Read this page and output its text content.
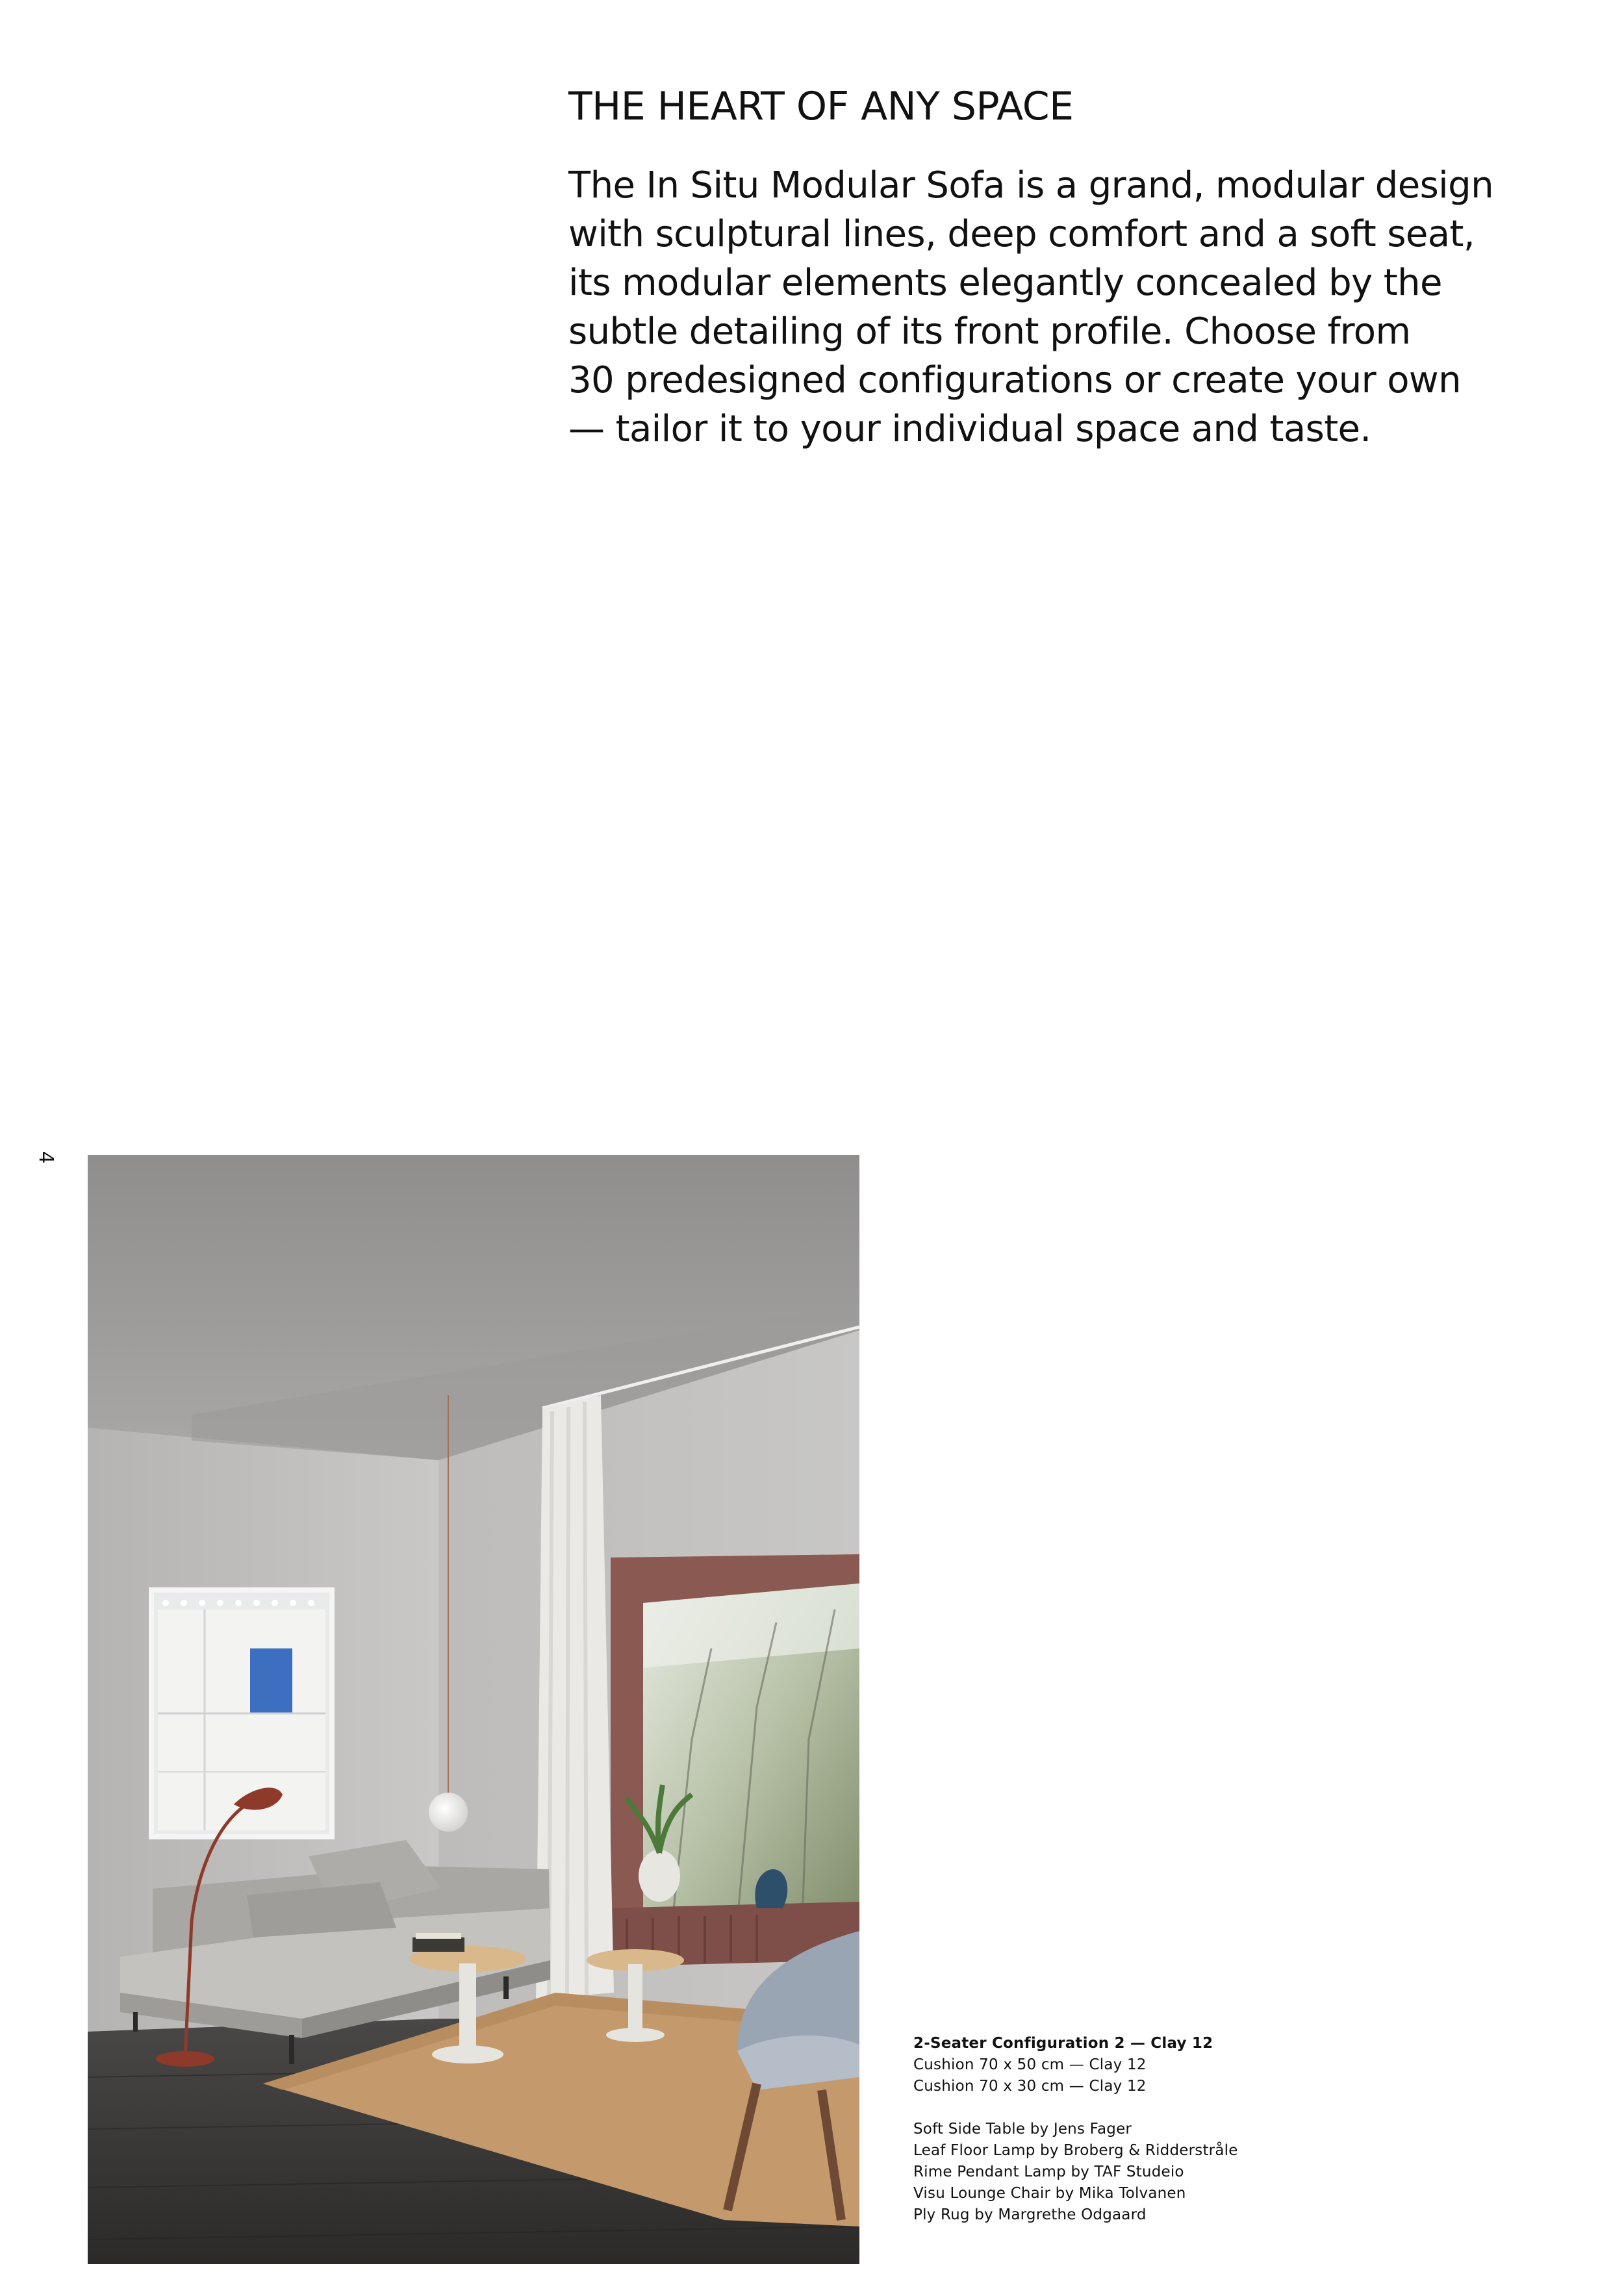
THE HEART OF ANY SPACE

The In Situ Modular Sofa is a grand, modular design
with sculptural lines, deep comfort and a soft seat,
its modular elements elegantly concealed by the
subtle detailing of its front profile. Choose from
30 predesigned configurations or create your own
— tailor it to your individual space and taste.

4
2-Seater Configuration 2 — Clay 12
Cushion 70 x 50 cm — Clay 12
Cushion 70 x 30 cm — Clay 12
Soft Side Table by Jens Fager
Leaf Floor Lamp by Broberg & Ridderstråle
Rime Pendant Lamp by TAF Studeio
Visu Lounge Chair by Mika Tolvanen
Ply Rug by Margrethe Odgaard
